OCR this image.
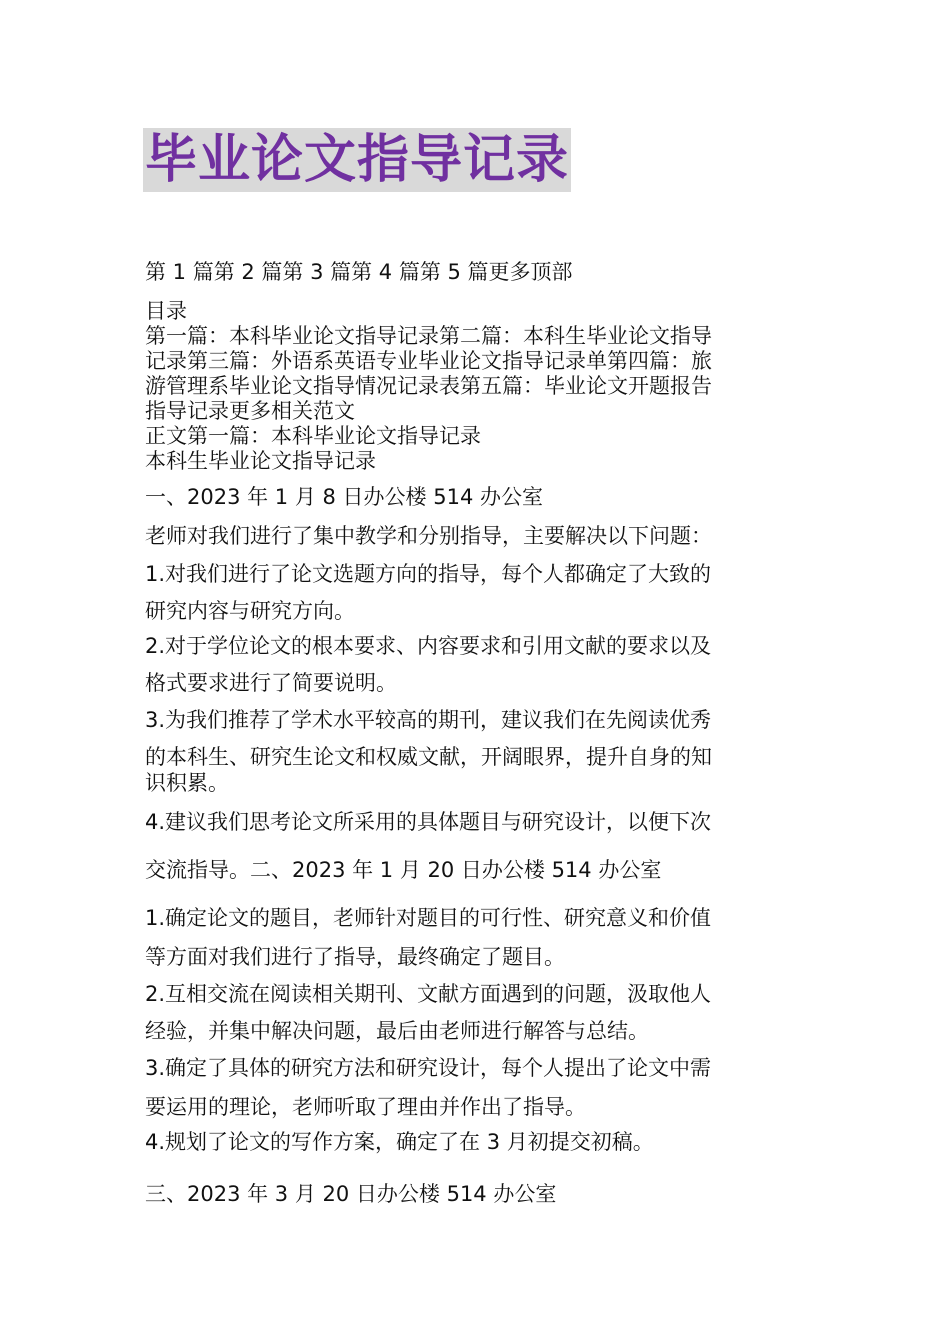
毕业论文指导记录
第 1 篇第 2 篇第 3 篇第 4 篇第 5 篇更多顶部
目录
第一篇：本科毕业论文指导记录第二篇：本科生毕业论文指导
记录第三篇：外语系英语专业毕业论文指导记录单第四篇：旅
游管理系毕业论文指导情况记录表第五篇：毕业论文开题报告
指导记录更多相关范文
正文第一篇：本科毕业论文指导记录
本科生毕业论文指导记录
一、2023 年 1 月 8 日办公楼 514 办公室
老师对我们进行了集中教学和分别指导，主要解决以下问题：
1.对我们进行了论文选题方向的指导，每个人都确定了大致的
研究内容与研究方向。
2.对于学位论文的根本要求、内容要求和引用文献的要求以及
格式要求进行了简要说明。
3.为我们推荐了学术水平较高的期刊，建议我们在先阅读优秀
的本科生、研究生论文和权威文献，开阔眼界，提升自身的知
识积累。
4.建议我们思考论文所采用的具体题目与研究设计，以便下次
交流指导。二、2023 年 1 月 20 日办公楼 514 办公室
1.确定论文的题目，老师针对题目的可行性、研究意义和价值
等方面对我们进行了指导，最终确定了题目。
2.互相交流在阅读相关期刊、文献方面遇到的问题，汲取他人
经验，并集中解决问题，最后由老师进行解答与总结。
3.确定了具体的研究方法和研究设计，每个人提出了论文中需
要运用的理论，老师听取了理由并作出了指导。
4.规划了论文的写作方案，确定了在 3 月初提交初稿。
三、2023 年 3 月 20 日办公楼 514 办公室
